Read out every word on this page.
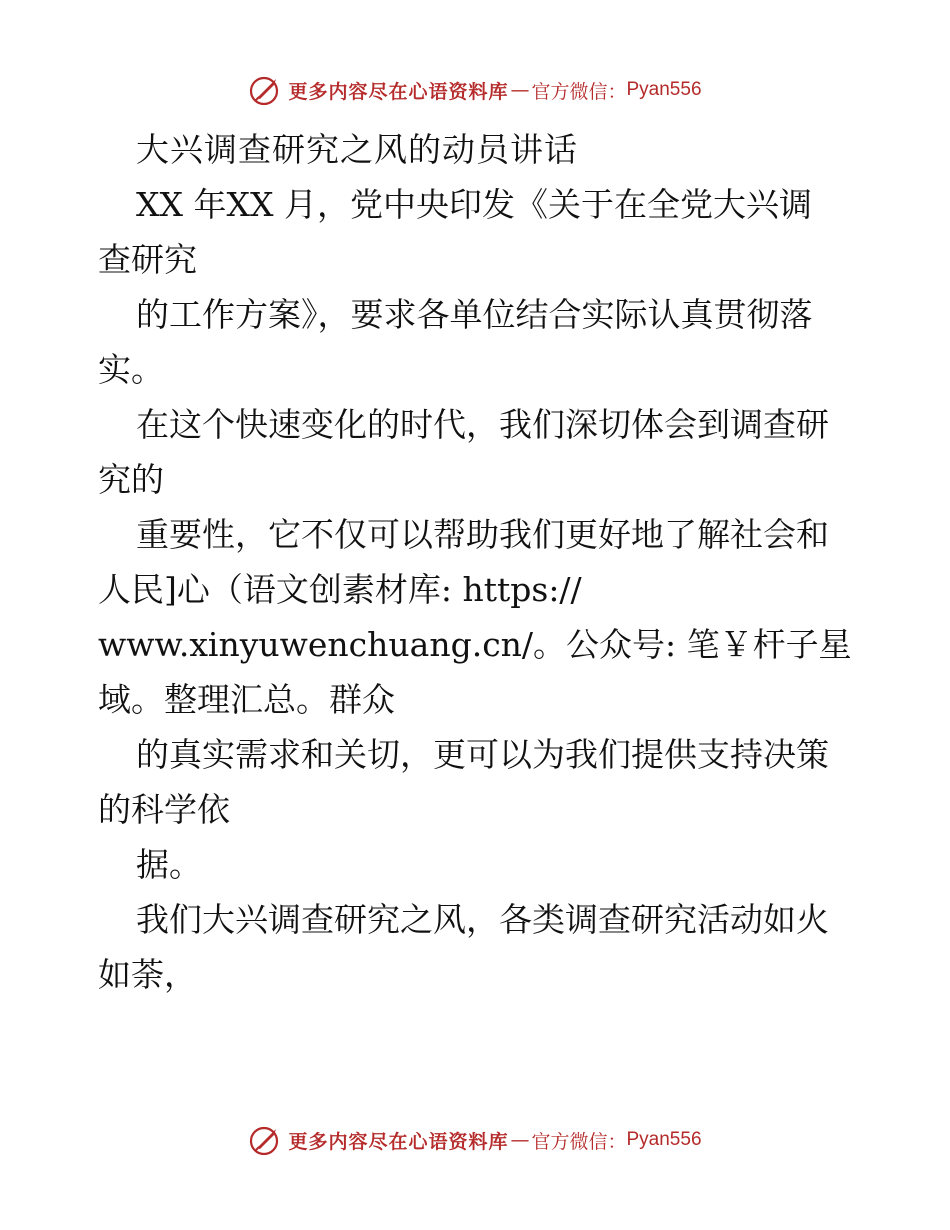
更多内容尽在心语资料库 — 官方微信： Pyan556
大兴调查研究之风的动员讲话
XX 年XX 月，党中央印发《关于在全党大兴调
查研究
的工作方案》，要求各单位结合实际认真贯彻落
实。
在这个快速变化的时代，我们深切体会到调查研
究的
重要性，它不仅可以帮助我们更好地了解社会和
人民]心（语文创素材库: https://
www.xinyuwenchuang.cn/。公众号: 笔￥杆子星
域。整理汇总。群众
的真实需求和关切，更可以为我们提供支持决策
的科学依
据。
我们大兴调查研究之风，各类调查研究活动如火
如荼，
更多内容尽在心语资料库 — 官方微信： Pyan556
